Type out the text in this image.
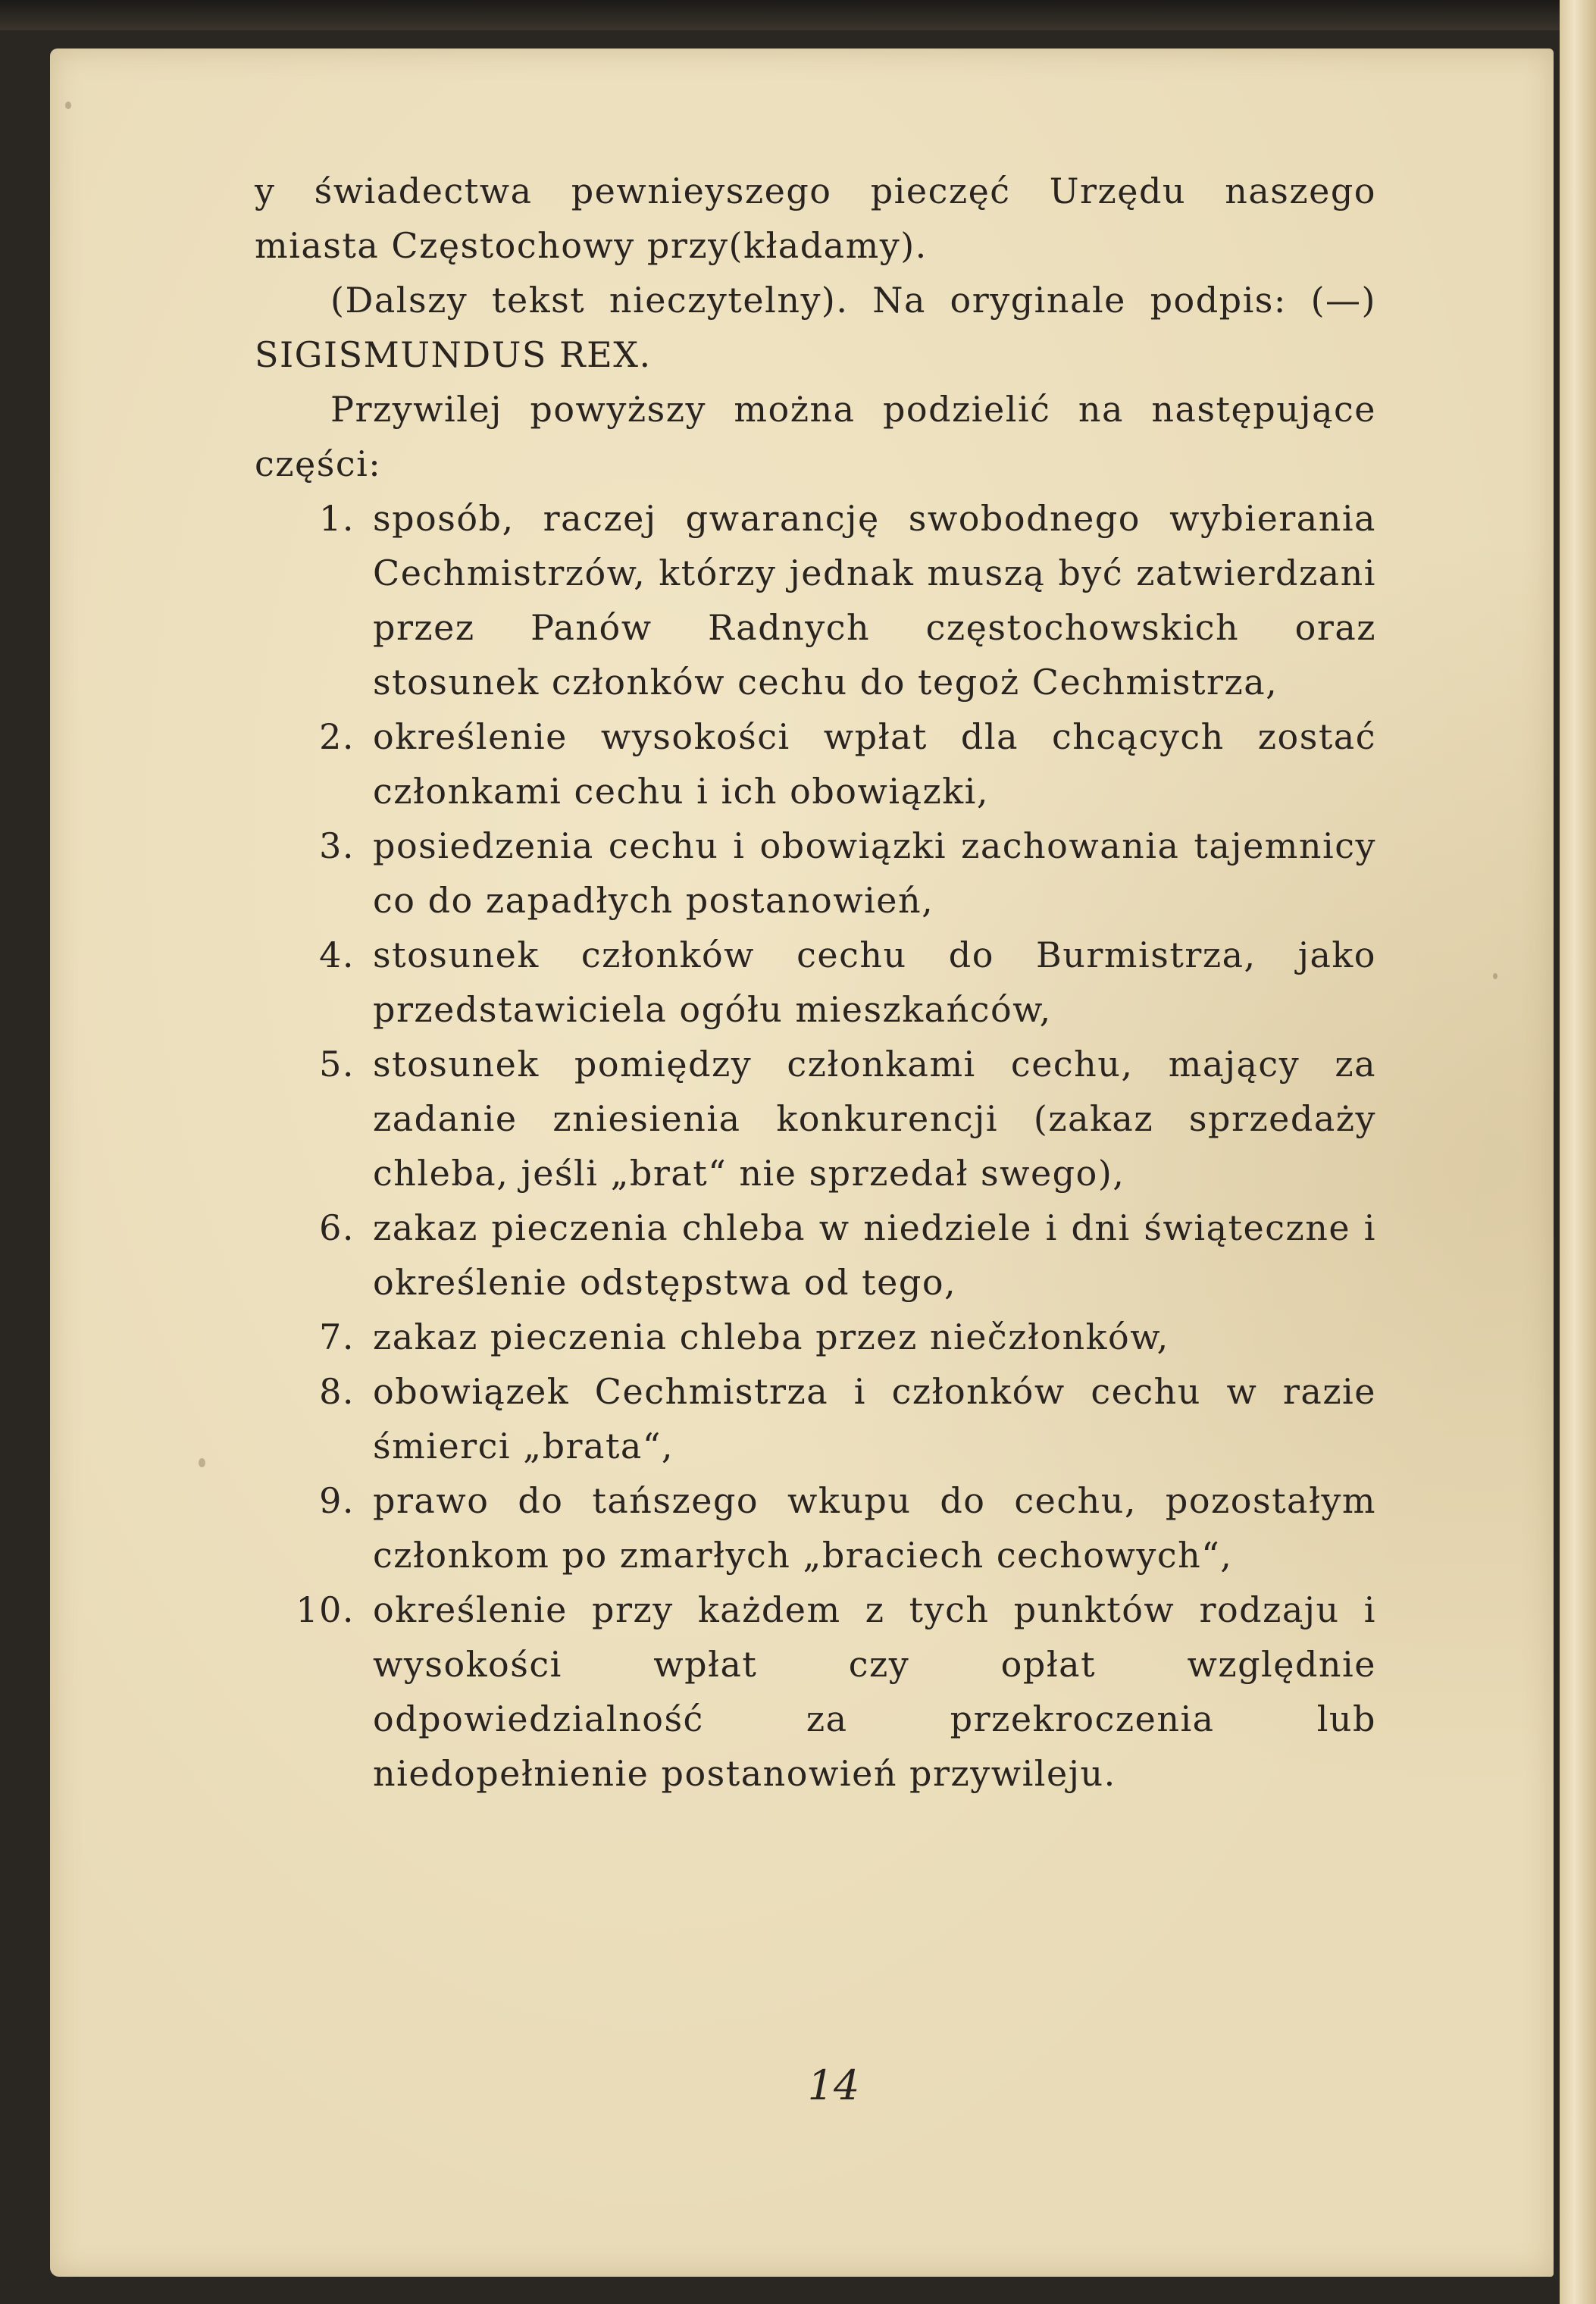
y świadectwa pewnieyszego pieczęć Urzędu naszego miasta Częstochowy przy(kładamy).

(Dalszy tekst nieczytelny). Na oryginale podpis: (—) SIGISMUNDUS REX.

Przywilej powyższy można podzielić na następujące części:

1. sposób, raczej gwarancję swobodnego wybierania Cechmistrzów, którzy jednak muszą być zatwierdzani przez Panów Radnych częstochowskich oraz stosunek członków cechu do tegoż Cechmistrza,
2. określenie wysokości wpłat dla chcących zostać członkami cechu i ich obowiązki,
3. posiedzenia cechu i obowiązki zachowania tajemnicy co do zapadłych postanowień,
4. stosunek członków cechu do Burmistrza, jako przedstawiciela ogółu mieszkańców,
5. stosunek pomiędzy członkami cechu, mający za zadanie zniesienia konkurencji (zakaz sprzedaży chleba, jeśli „brat“ nie sprzedał swego),
6. zakaz pieczenia chleba w niedziele i dni świąteczne i określenie odstępstwa od tego,
7. zakaz pieczenia chleba przez niečzłonków,
8. obowiązek Cechmistrza i członków cechu w razie śmierci „brata“,
9. prawo do tańszego wkupu do cechu, pozostałym członkom po zmarłych „braciech cechowych“,
10. określenie przy każdem z tych punktów rodzaju i wysokości wpłat czy opłat względnie odpowiedzialność za przekroczenia lub niedopełnienie postanowień przywileju.
14
